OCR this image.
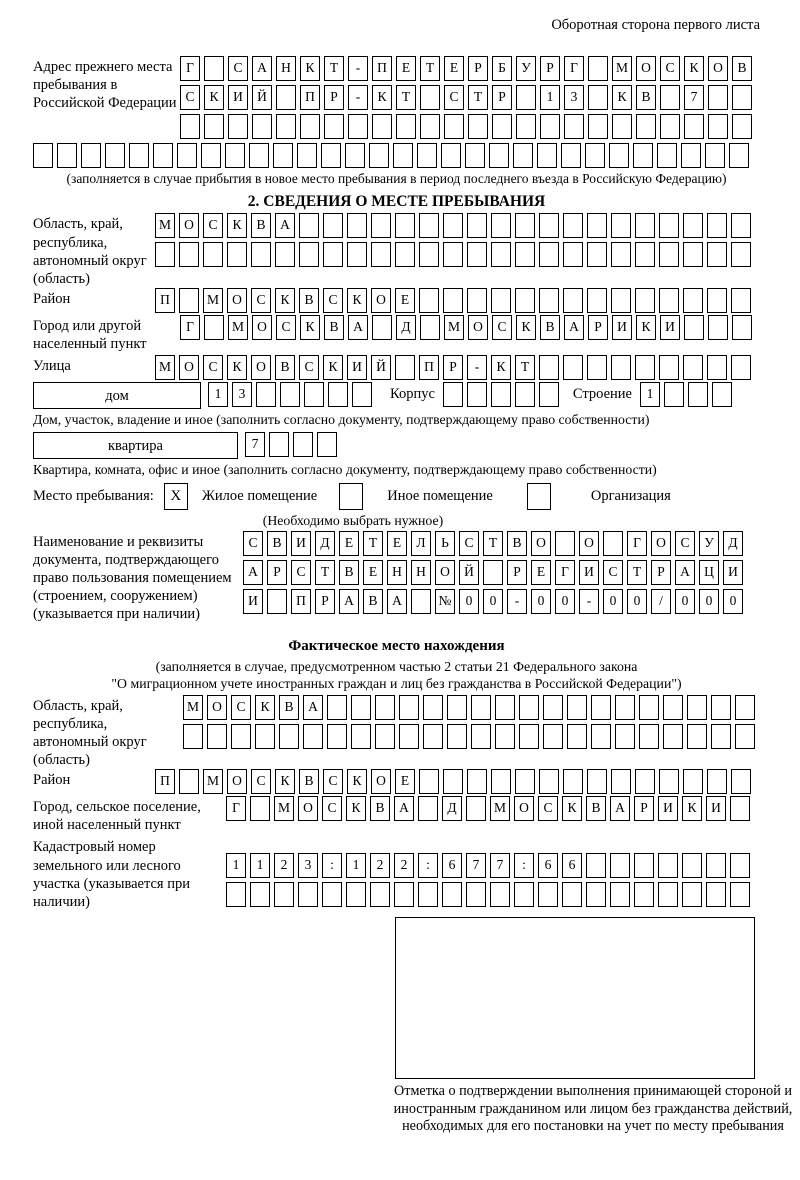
Оборотная сторона первого листа
Адрес прежнего места пребывания в Российской Федерации
Г	С	А	Н	К	Т	-	П	Е	Т	Е	Р	Б	У	Р	Г	М О	С	К	О	В
С	К	И	Й	П	Р	-	К	Т	С	Т	Р	1	3	К	В	7
(заполняется в случае прибытия в новое место пребывания в период последнего въезда в Российскую Федерацию)
2. СВЕДЕНИЯ О МЕСТЕ ПРЕБЫВАНИЯ
Область, край, республика, автономный округ (область)
М О	С	К	В	А
Район	П	М О	С	К	В	С	К	О	Е
Город или другой населенный пункт
Г	М О	С	К	В	А	Д	М О	С	К	В	А	Р	И	К	И
Улица	М О	С	К	О	В	С	К	И	Й	П	Р	-	К	Т
дом	1	3	Корпус	Строение	1
Дом, участок, владение и иное (заполнить согласно документу, подтверждающему право собственности)
квартира	7
Квартира, комната, офис и иное (заполнить согласно документу, подтверждающему право собственности)
Место пребывания: X Жилое помещение	Иное помещение	Организация
(Необходимо выбрать нужное)
Наименование и реквизиты документа, подтверждающего право пользования помещением (строением, сооружением) (указывается при наличии)
С	В	И	Д	Е	Т	Е	Л	Ь	С	Т	В	О	О	Г	О	С	У	Д
А	Р	С	Т	В	Е	Н	Н	О	Й	Р	Е	Г	И	С	Т	Р	А	Ц	И
И	П	Р	А	В	А	№	0	0	-	0	0	-	0	0	/	0	0	0
Фактическое место нахождения
(заполняется в случае, предусмотренном частью 2 статьи 21 Федерального закона
"О миграционном учете иностранных граждан и лиц без гражданства в Российской Федерации")
Область, край, республика, автономный округ (область)
М О	С	К	В	А
Район	П	М О	С	К	В	С	К	О	Е
Город, сельское поселение, иной населенный пункт
Г	М О	С	К	В	А	Д	М О	С	К	В	А	Р	И	К	И
Кадастровый номер земельного или лесного участка (указывается при наличии)
1	1	2	3	:	1	2	2	:	6	7	7	:	6	6
Отметка о подтверждении выполнения принимающей стороной и иностранным гражданином или лицом без гражданства действий, необходимых для его постановки на учет по месту пребывания
